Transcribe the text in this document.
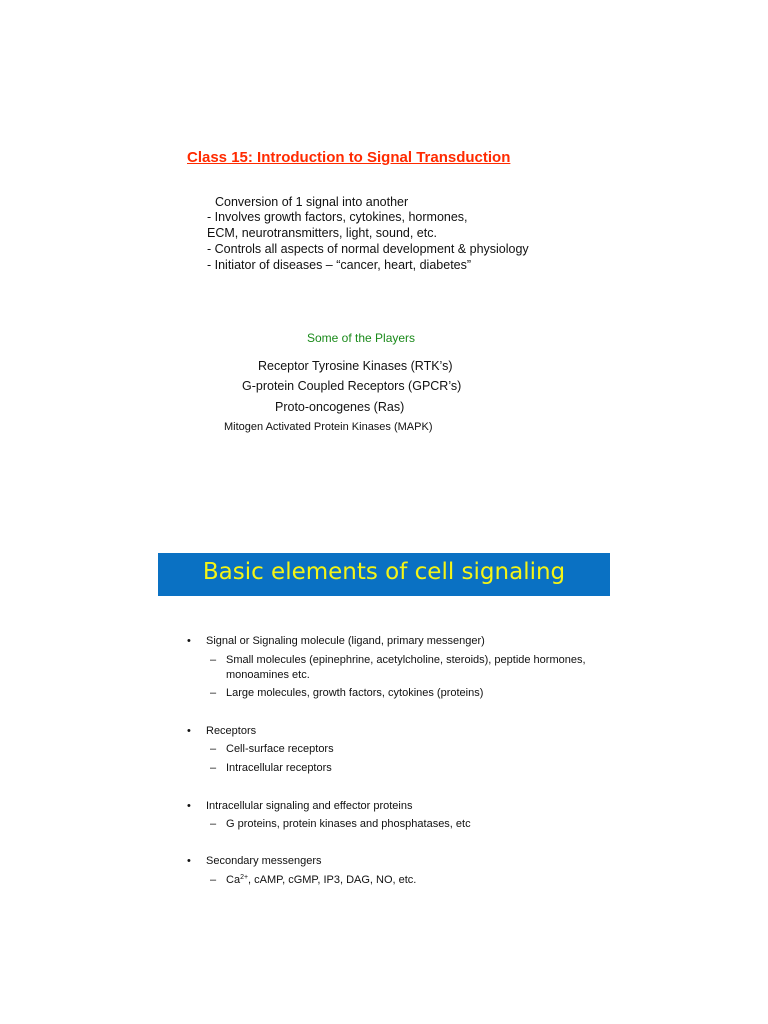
Class 15: Introduction to Signal Transduction
Conversion of 1 signal into another
- Involves growth factors, cytokines, hormones,
ECM, neurotransmitters, light, sound, etc.
- Controls all aspects of normal development & physiology
- Initiator of diseases – “cancer, heart, diabetes”
Some of the Players
Receptor Tyrosine Kinases (RTK’s)
G-protein Coupled Receptors (GPCR’s)
Proto-oncogenes (Ras)
Mitogen Activated Protein Kinases (MAPK)
Basic elements of cell signaling
• Signal or Signaling molecule (ligand, primary messenger)
– Small molecules (epinephrine, acetylcholine, steroids), peptide hormones,
monoamines etc.
– Large molecules, growth factors, cytokines (proteins)
• Receptors
– Cell-surface receptors
– Intracellular receptors
• Intracellular signaling and effector proteins
– G proteins, protein kinases and phosphatases, etc
• Secondary messengers
– $Ca^{2+}$, cAMP, cGMP, IP3, DAG, NO, etc.
